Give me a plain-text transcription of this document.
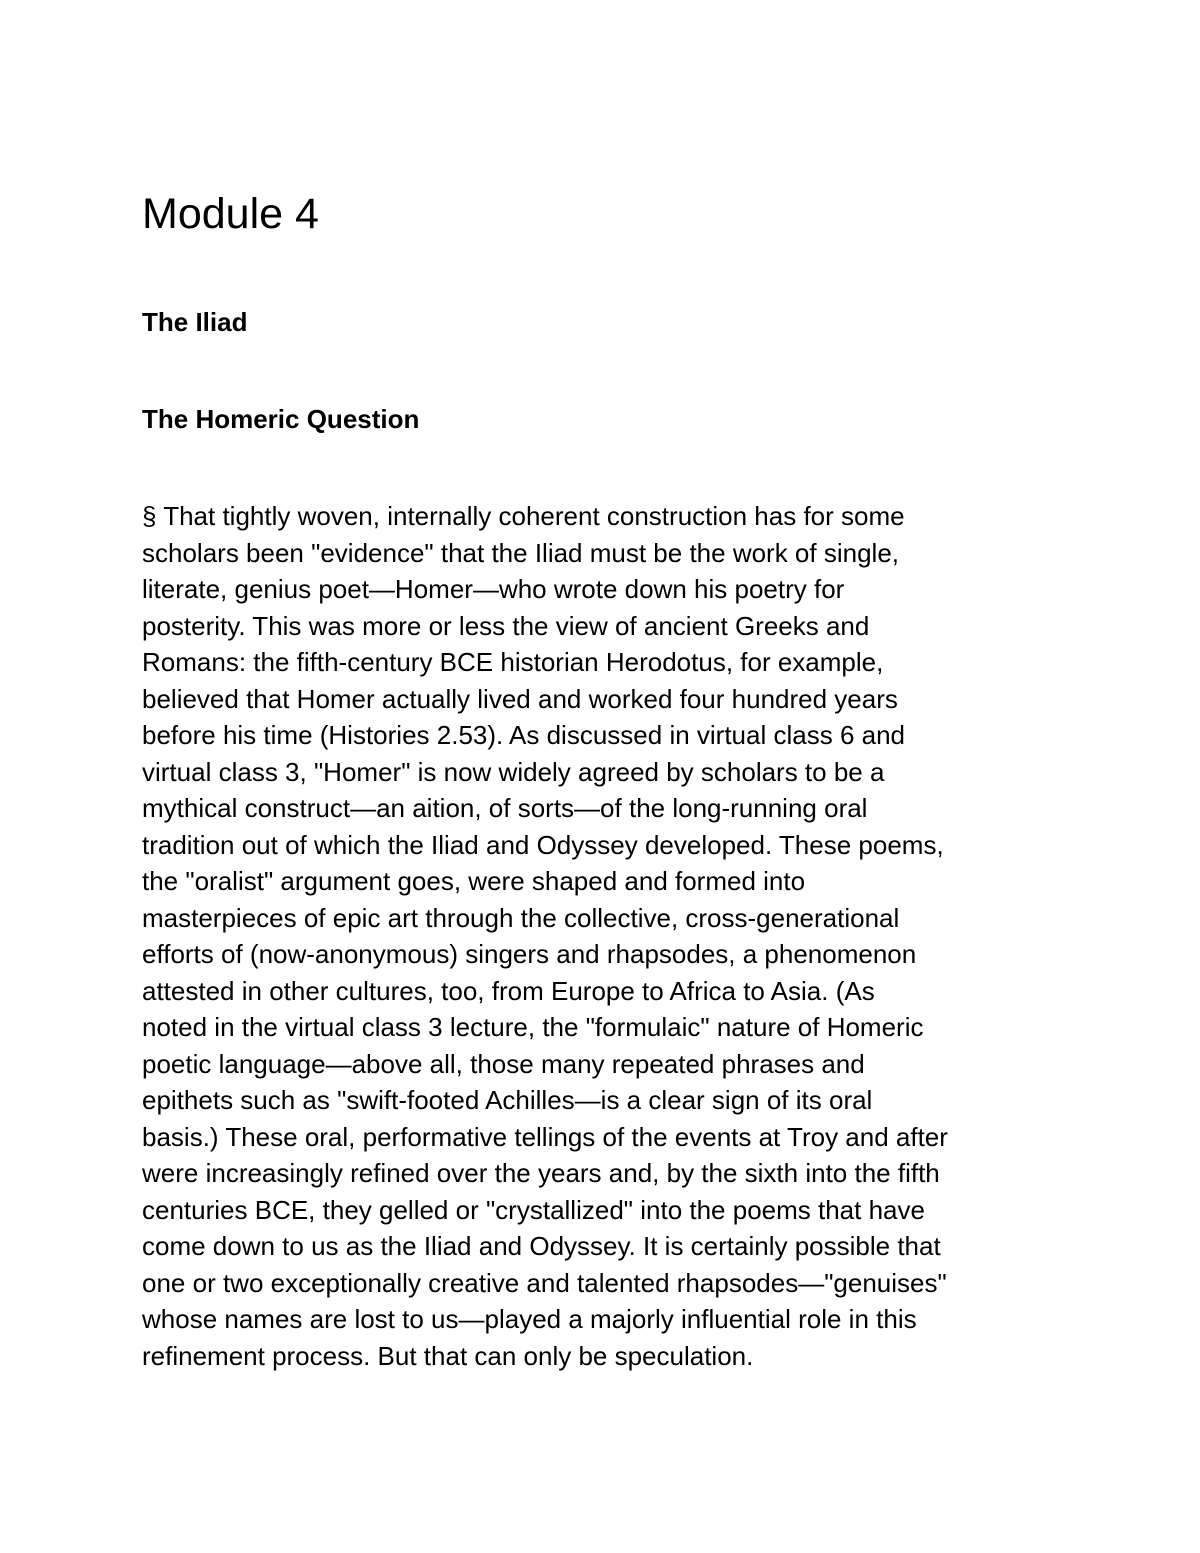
Module 4
The Iliad
The Homeric Question

§ That tightly woven, internally coherent construction has for some
scholars been "evidence" that the Iliad must be the work of single,
literate, genius poet—Homer—who wrote down his poetry for
posterity. This was more or less the view of ancient Greeks and
Romans: the fifth-century BCE historian Herodotus, for example,
believed that Homer actually lived and worked four hundred years
before his time (Histories 2.53). As discussed in virtual class 6 and
virtual class 3, "Homer" is now widely agreed by scholars to be a
mythical construct—an aition, of sorts—of the long-running oral
tradition out of which the Iliad and Odyssey developed. These poems,
the "oralist" argument goes, were shaped and formed into
masterpieces of epic art through the collective, cross-generational
efforts of (now-anonymous) singers and rhapsodes, a phenomenon
attested in other cultures, too, from Europe to Africa to Asia. (As
noted in the virtual class 3 lecture, the "formulaic" nature of Homeric
poetic language—above all, those many repeated phrases and
epithets such as "swift-footed Achilles—is a clear sign of its oral
basis.) These oral, performative tellings of the events at Troy and after
were increasingly refined over the years and, by the sixth into the fifth
centuries BCE, they gelled or "crystallized" into the poems that have
come down to us as the Iliad and Odyssey. It is certainly possible that
one or two exceptionally creative and talented rhapsodes—"genuises"
whose names are lost to us—played a majorly influential role in this
refinement process. But that can only be speculation.
